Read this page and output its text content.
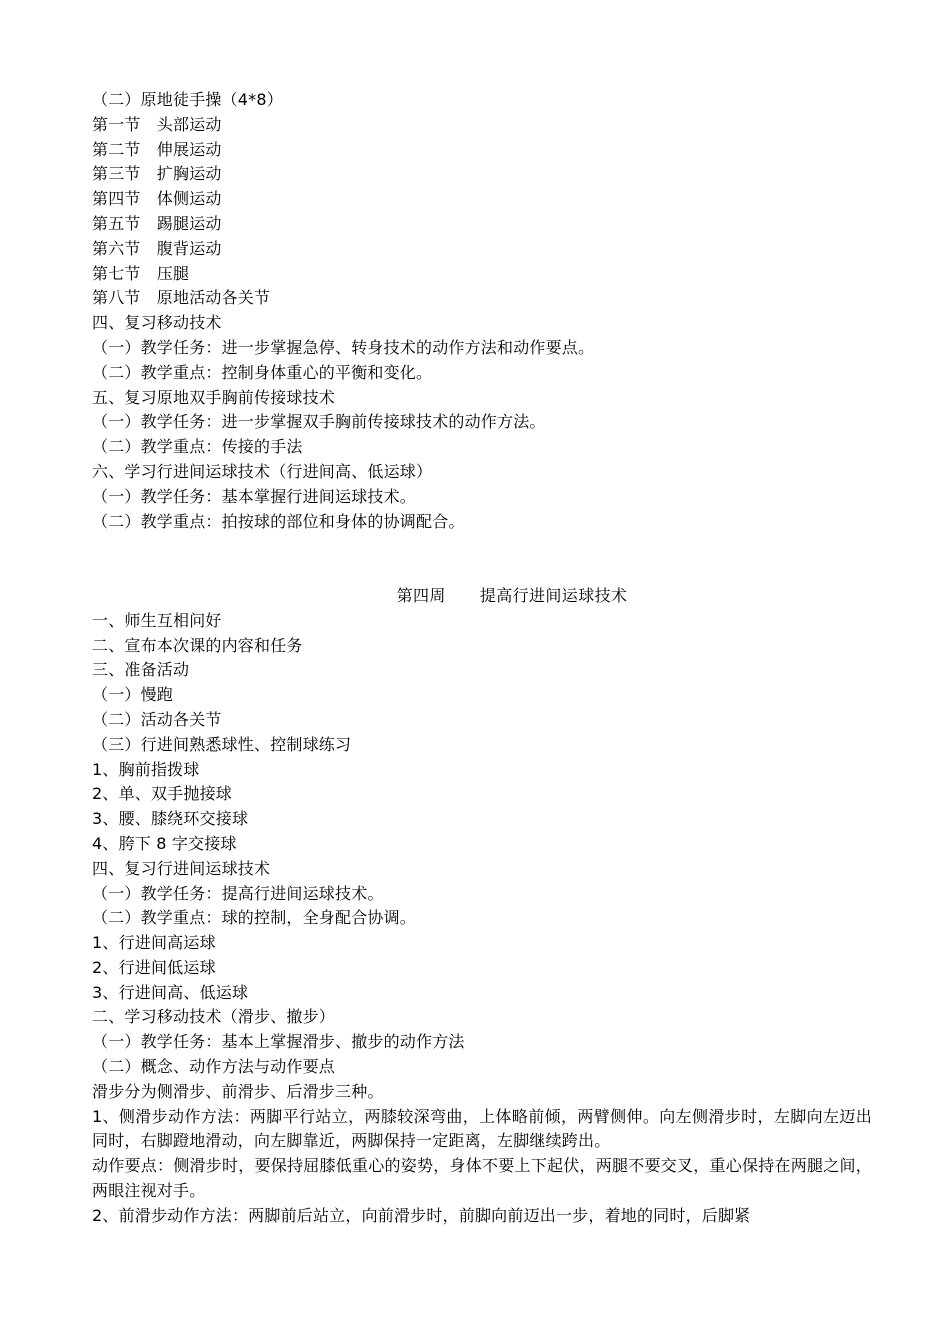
（二）原地徒手操（4*8）
第一节　头部运动
第二节　伸展运动
第三节　扩胸运动
第四节　体侧运动
第五节　踢腿运动
第六节　腹背运动
第七节　压腿
第八节　原地活动各关节
四、复习移动技术
（一）教学任务：进一步掌握急停、转身技术的动作方法和动作要点。
（二）教学重点：控制身体重心的平衡和变化。
五、复习原地双手胸前传接球技术
（一）教学任务：进一步掌握双手胸前传接球技术的动作方法。
（二）教学重点：传接的手法
六、学习行进间运球技术（行进间高、低运球）
（一）教学任务：基本掌握行进间运球技术。
（二）教学重点：拍按球的部位和身体的协调配合。
第四周 提高行进间运球技术
一、师生互相问好
二、宣布本次课的内容和任务
三、准备活动
（一）慢跑
（二）活动各关节
（三）行进间熟悉球性、控制球练习
1、胸前指拨球
2、单、双手抛接球
3、腰、膝绕环交接球
4、胯下 8 字交接球
四、复习行进间运球技术
（一）教学任务：提高行进间运球技术。
（二）教学重点：球的控制，全身配合协调。
1、行进间高运球
2、行进间低运球
3、行进间高、低运球
二、学习移动技术（滑步、撤步）
（一）教学任务：基本上掌握滑步、撤步的动作方法
（二）概念、动作方法与动作要点
滑步分为侧滑步、前滑步、后滑步三种。

1、侧滑步动作方法：两脚平行站立，两膝较深弯曲，上体略前倾，两臂侧伸。向左侧滑步时，左脚向左迈出同时，右脚蹬地滑动，向左脚靠近，两脚保持一定距离，左脚继续跨出。

动作要点：侧滑步时，要保持屈膝低重心的姿势，身体不要上下起伏，两腿不要交叉，重心保持在两腿之间，两眼注视对手。

2、前滑步动作方法：两脚前后站立，向前滑步时，前脚向前迈出一步，着地的同时，后脚紧
